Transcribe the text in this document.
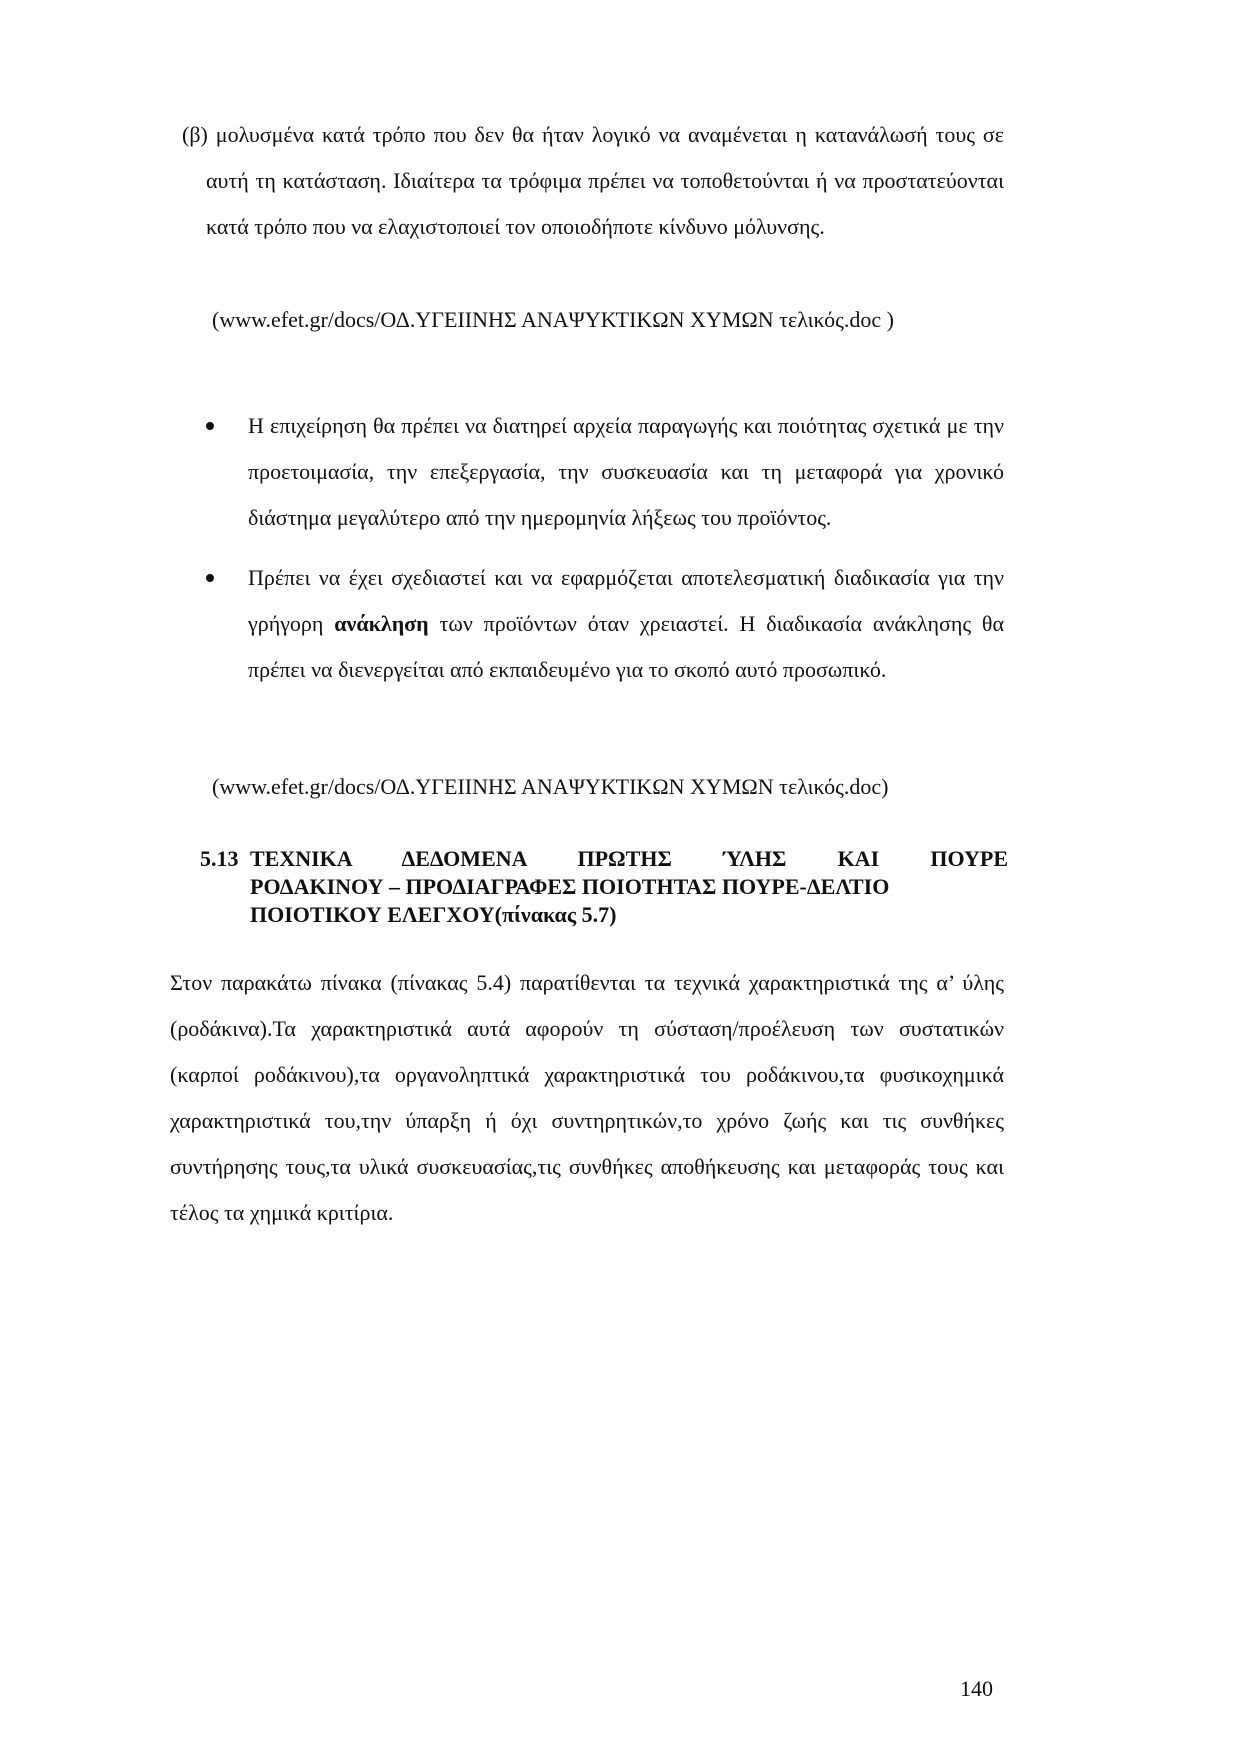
(β) μολυσμένα κατά τρόπο που δεν θα ήταν λογικό να αναμένεται η κατανάλωσή τους σε αυτή τη κατάσταση. Ιδιαίτερα τα τρόφιμα πρέπει να τοποθετούνται ή να προστατεύονται κατά τρόπο που να ελαχιστοποιεί τον οποιοδήποτε κίνδυνο μόλυνσης.

(www.efet.gr/docs/ΟΔ.ΥΓΕΙΙΝΗΣ ΑΝΑΨΥΚΤΙΚΩΝ ΧΥΜΩΝ τελικός.doc )
Η επιχείρηση θα πρέπει να διατηρεί αρχεία παραγωγής και ποιότητας σχετικά με την προετοιμασία, την επεξεργασία, την συσκευασία και τη μεταφορά για χρονικό διάστημα μεγαλύτερο από την ημερομηνία λήξεως του προϊόντος.
Πρέπει να έχει σχεδιαστεί και να εφαρμόζεται αποτελεσματική διαδικασία για την γρήγορη ανάκληση των προϊόντων όταν χρειαστεί. Η διαδικασία ανάκλησης θα πρέπει να διενεργείται από εκπαιδευμένο για το σκοπό αυτό προσωπικό.
(www.efet.gr/docs/ΟΔ.ΥΓΕΙΙΝΗΣ ΑΝΑΨΥΚΤΙΚΩΝ ΧΥΜΩΝ τελικός.doc)
5.13 ΤΕΧΝΙΚΑ ΔΕΔΟΜΕΝΑ ΠΡΩΤΗΣ ΎΛΗΣ ΚΑΙ ΠΟΥΡΕ
ΡΟΔΑΚΙΝΟΥ – ΠΡΟΔΙΑΓΡΑΦΕΣ ΠΟΙΟΤΗΤΑΣ ΠΟΥΡΕ-ΔΕΛΤΙΟ
ΠΟΙΟΤΙΚΟΥ ΕΛΕΓΧΟΥ(πίνακας 5.7)

Στον παρακάτω πίνακα (πίνακας 5.4) παρατίθενται τα τεχνικά χαρακτηριστικά της α’ ύλης (ροδάκινα).Τα χαρακτηριστικά αυτά αφορούν τη σύσταση/προέλευση των συστατικών (καρποί ροδάκινου),τα οργανοληπτικά χαρακτηριστικά του ροδάκινου,τα φυσικοχημικά χαρακτηριστικά του,την ύπαρξη ή όχι συντηρητικών,το χρόνο ζωής και τις συνθήκες συντήρησης τους,τα υλικά συσκευασίας,τις συνθήκες αποθήκευσης και μεταφοράς τους και τέλος τα χημικά κριτίρια.

140
